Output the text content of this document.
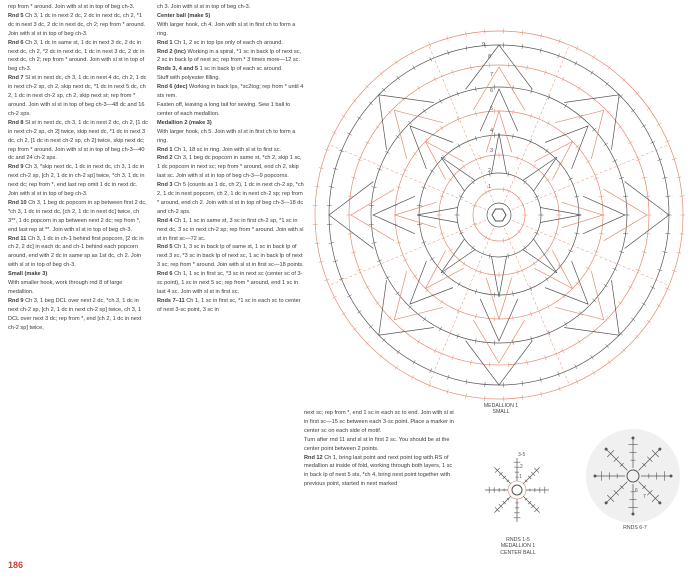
rep from * around. Join with sl st in top of beg ch-3.

Rnd 5 Ch 3, 1 dc in next 2 dc, 2 dc in next dc, ch 2, *1 dc in next 3 dc, 2 dc in next dc, ch 2; rep from * around. Join with sl st in top of beg ch-3.

Rnd 6 Ch 3, 1 dc in same st, 1 dc in next 3 dc, 2 dc in next dc, ch 2, *2 dc in next dc, 1 dc in next 3 dc, 2 dc in next dc, ch 2; rep from * around. Join with sl st in top of beg ch-3.

Rnd 7 Sl st in next dc, ch 3, 1 dc in next 4 dc, ch 2, 1 dc in next ch-2 sp, ch 2, skip next dc, *1 dc in next 5 dc, ch 2, 1 dc in next ch-2 sp, ch 2, skip next st; rep from * around. Join with sl st in top of beg ch-3—48 dc and 16 ch-2 sps.

Rnd 8 Sl st in next dc, ch 3, 1 dc in next 2 dc, ch 2, [1 dc in next ch-2 sp, ch 2] twice, skip next dc, *1 dc in next 3 dc, ch 2, [1 dc in next ch-2 sp, ch 2] twice, skip next dc; rep from * around. Join with sl st in top of beg ch-3—40 dc and 24 ch-2 sps.

Rnd 9 Ch 3, *skip next dc, 1 dc in next dc, ch 3, 1 dc in next ch-2 sp, [ch 2, 1 dc in ch-2 sp] twice, *ch 3, 1 dc in next dc; rep from *, end last rep omit 1 dc in next dc. Join with sl st in top of beg ch-3.

Rnd 10 Ch 3, 1 beg dc popcorn in sp between first 2 dc, *ch 3, 1 dc in next dc, [ch 2, 1 dc in next dc] twice, ch 3**, 1 dc popcorn in sp between next 2 dc; rep from *, end last rep at **. Join with sl st in top of beg ch-3.

Rnd 11 Ch 3, 1 dc in ch-1 behind first popcorn, [2 dc in ch 2, 2 dc] in each dc and ch-1 behind each popcorn around, end with 2 dc in same sp as 1st dc, ch 2. Join with sl st in top of beg ch-3.

Small (make 3)

With smaller hook, work through rnd 8 of large medallion.

Rnd 9 Ch 3, 1 beg DCL over next 2 dc, *ch 3, 1 dc in next ch-2 sp, [ch 2, 1 dc in next ch-2 sp] twice, ch 3, 1 DCL over next 3 dc; rep from *, end [ch 2, 1 dc in next ch-2 sp] twice,

ch 3. Join with sl st in top of beg ch-3.

Center ball (make 5)

With larger hook, ch 4. Join with sl st in first ch to form a ring.

Rnd 1 Ch 1, 2 sc in top lps only of each ch around.

Rnd 2 (inc) Working in a spiral, *1 sc in back lp of next sc, 2 sc in back lp of next sc; rep from * 3 times more—12 sc.

Rnds 3, 4 and 5 1 sc in back lp of each sc around.

Stuff with polyester filling.

Rnd 6 (dec) Working in back lps, *sc2tog; rep from * until 4 sts rem.

Fasten off, leaving a long tail for sewing. Sew 1 ball to center of each medallion.

Medallion 2 (make 3)

With larger hook, ch 5. Join with sl st in first ch to form a ring.

Rnd 1 Ch 1, 18 sc in ring. Join with sl st to first sc.

Rnd 2 Ch 3, 1 beg dc popcorn in same st, *ch 2, skip 1 sc, 1 dc popcorn in next sc; rep from * around, end ch 2, skip last sc. Join with sl st in top of beg ch-3—9 popcorns.

Rnd 3 Ch 5 (counts as 1 dc, ch 2), 1 dc in next ch-2 sp, *ch 2, 1 dc in next popcorn, ch 2, 1 dc in next ch-2 sp; rep from * around, end ch 2. Join with sl st in top of beg ch-3—18 dc and ch-2 sps.

Rnd 4 Ch 1, 1 sc in same st, 3 sc in first ch-2 sp, *1 sc in next dc, 3 sc in next ch-2 sp; rep from * around. Join with sl st in first sc—72 sc.

Rnd 5 Ch 1, 3 sc in back lp of same st, 1 sc in back lp of next 3 sc, *3 sc in back lp of next sc, 1 sc in back lp of next 3 sc; rep from * around. Join with sl st in first sc—18 points.

Rnd 6 Ch 1, 1 sc in first sc, *3 sc in next sc (center sc of 3-sc point), 1 sc in next 5 sc; rep from * around, end 1 sc in last 4 sc. Join with sl st in first sc.

Rnds 7–11 Ch 1, 1 sc in first sc, *1 sc in each sc to center of next 3-sc point, 3 sc in

next sc; rep from *, end 1 sc in each sc to end. Join with sl st in first sc—15 sc between each 3-sc point. Place a marker in center sc on each side of motif.

Turn after rnd 11 and sl st in first 2 sc. You should be at the center point between 2 points.

Rnd 12 Ch 1, bring last point and next point tog with RS of medallion at inside of fold, working through both layers, 1 sc in back lp of next 5 sts, *ch 4, bring next point together with previous point, started in next marked

9
8
7
6
5
4
3
2
1
MEDALLION 1
SMALL
3-5
2
1
RNDS 1-5
MEDALLION 1
CENTER BALL
7
6
RNDS 6-7
186
